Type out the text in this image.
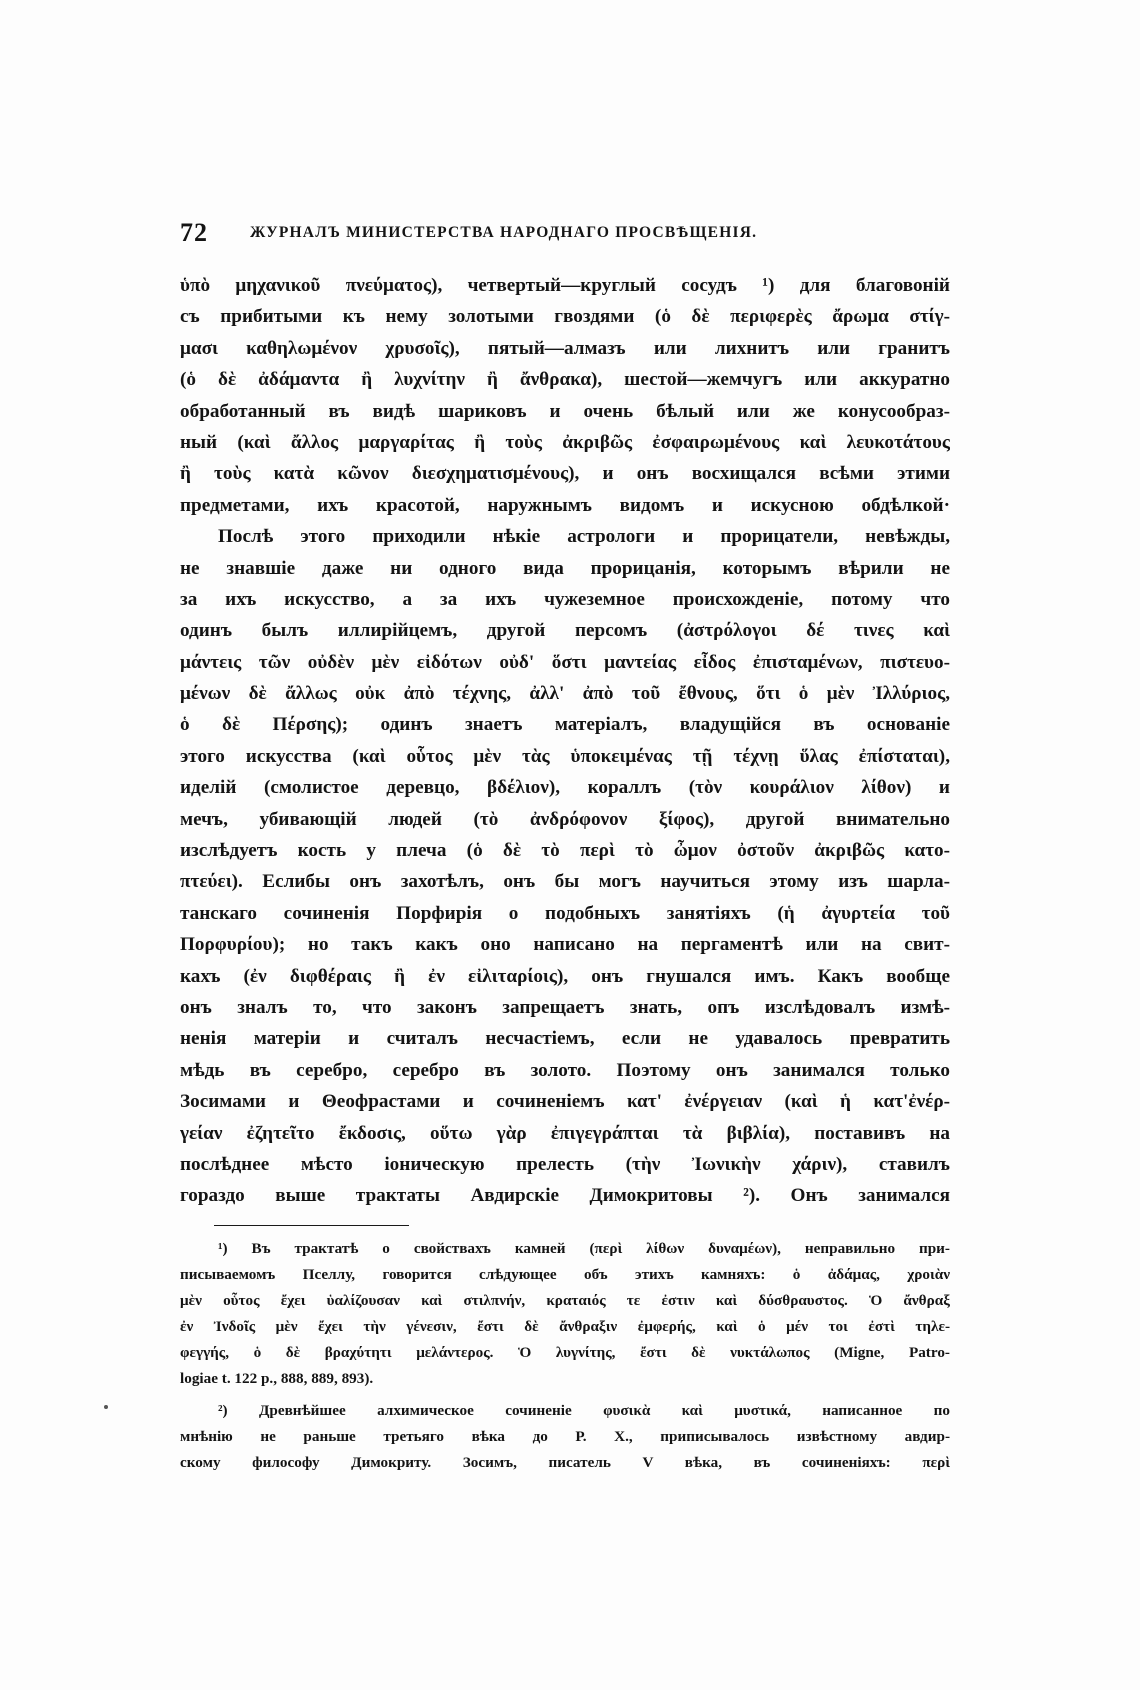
72	ЖУРНАЛЪ МИНИСТЕРСТВА НАРОДНАГО ПРОСВѢЩЕНІЯ.
ὑπὸ μηχανικοῦ πνεύματος), четвертый—круглый сосудъ ¹) для благовоній
съ прибитыми къ нему золотыми гвоздями (ὁ δὲ περιφερὲς ἄρωμα στίγ-
μασι καθηλωμένον χρυσοῖς), пятый—алмазъ или лихнитъ или гранитъ
(ὁ δὲ ἀδάμαντα ἢ λυχνίτην ἢ ἄνθρακα), шестой—жемчугъ или аккуратно
обработанный въ видѣ шариковъ и очень бѣлый или же конусообраз-
ный (καὶ ἄλλος μαργαρίτας ἢ τοὺς ἀκριβῶς ἐσφαιρωμένους καὶ λευκοτάτους
ἢ τοὺς κατὰ κῶνον διεσχηματισμένους), и онъ восхищался всѣми этими
предметами, ихъ красотой, наружнымъ видомъ и искусною обдѣлкой·
Послѣ этого приходили нѣкіе астрологи и прорицатели, невѣжды,
не знавшіе даже ни одного вида прорицанія, которымъ вѣрили не
за ихъ искусство, а за ихъ чужеземное происхожденіе, потому что
одинъ былъ иллирійцемъ, другой персомъ (ἀστρόλογοι δέ τινες καὶ
μάντεις τῶν οὐδὲν μὲν εἰδότων οὐδ' ὅστι μαντείας εἶδος ἐπισταμένων, πιστευο-
μένων δὲ ἄλλως οὐκ ἀπὸ τέχνης, ἀλλ' ἀπὸ τοῦ ἔθνους, ὅτι ὁ μὲν Ἰλλύριος,
ὁ δὲ Πέρσης); одинъ знаетъ матеріалъ, владущійся въ основаніе
этого искусства (καὶ οὗτος μὲν τὰς ὑποκειμένας τῇ τέχνῃ ὕλας ἐπίσταται),
иделій (смолистое деревцо, βδέλιον), кораллъ (τὸν κουράλιον λίθον) и
мечъ, убивающій людей (τὸ ἀνδρόφονον ξίφος), другой внимательно
изслѣдуетъ кость у плеча (ὁ δὲ τὸ περὶ τὸ ὦμον ὀστοῦν ἀκριβῶς κατο-
πτεύει). Еслибы онъ захотѣлъ, онъ бы могъ научиться этому изъ шарла-
танскаго сочиненія Порфирія о подобныхъ занятіяхъ (ἡ ἀγυρτεία τοῦ
Πορφυρίου); но такъ какъ оно написано на пергаментѣ или на свит-
кахъ (ἐν διφθέραις ἢ ἐν εἰλιταρίοις), онъ гнушался имъ. Какъ вообще
онъ зналъ то, что законъ запрещаетъ знать, опъ изслѣдовалъ измѣ-
ненія матеріи и считалъ несчастіемъ, если не удавалось превратить
мѣдь въ серебро, серебро въ золото. Поэтому онъ занимался только
Зосимами и Θеофрастами и сочиненіемъ κατ' ἐνέργειαν (καὶ ἡ κατ'ἐνέρ-
γείαν ἐζητεῖτο ἔκδοσις, οὕτω γὰρ ἐπιγεγράπται τὰ βιβλία), поставивъ на
послѣднее мѣсто іоническую прелесть (τὴν Ἰωνικὴν χάριν), ставилъ
гораздо выше трактаты Авдирскіе Димокритовы ²). Онъ занимался
¹) Въ трактатѣ о свойствахъ камней (περὶ λίθων δυναμέων), неправильно при-
писываемомъ Пселлу, говорится слѣдующее объ этихъ камняхъ: ὁ ἀδάμας, χροιὰν
μὲν οὗτος ἔχει ὑαλίζουσαν καὶ στιλπνήν, κραταιός τε ἐστιν καὶ δύσθραυστος. Ὁ ἄνθραξ
ἐν Ἰνδοῖς μὲν ἔχει τὴν γένεσιν, ἔστι δὲ ἄνθραξιν ἐμφερής, καὶ ὁ μέν τοι ἐστὶ τηλε-
φεγγής, ὁ δὲ βραχύτητι μελάντερος. Ὁ λυγνίτης, ἔστι δὲ νυκτάλωπος (Migne, Patro-
logiae t. 122 p., 888, 889, 893).
²) Древнѣйшее алхимическое сочиненіе φυσικὰ καὶ μυστικά, написанное по
мнѣнію не раньше третьяго вѣка до Р. Х., приписывалось извѣстному авдир-
скому философу Димокриту. Зосимъ, писатель V вѣка, въ сочиненіяхъ: περὶ
